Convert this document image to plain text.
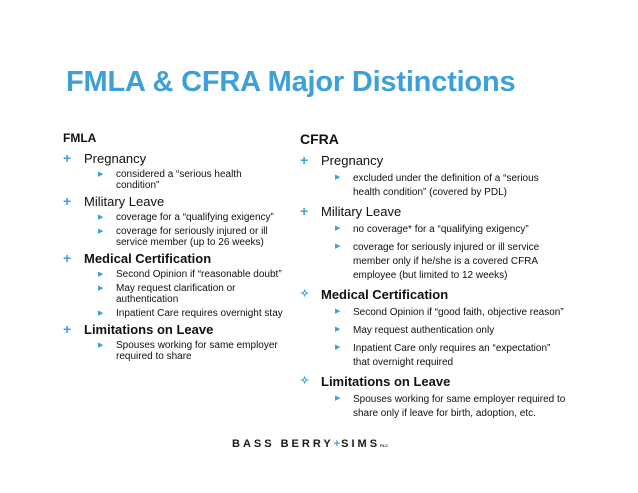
FMLA & CFRA Major Distinctions
FMLA
+ Pregnancy
▶ considered a “serious health condition”
+ Military Leave
▶ coverage for a “qualifying exigency”
▶ coverage for seriously injured or ill service member (up to 26 weeks)
+ Medical Certification
▶ Second Opinion if “reasonable doubt”
▶ May request clarification or authentication
▶ Inpatient Care requires overnight stay
+ Limitations on Leave
▶ Spouses working for same employer required to share
CFRA
+ Pregnancy
▶ excluded under the definition of a “serious health condition” (covered by PDL)
+ Military Leave
▶ no coverage* for a “qualifying exigency”
▶ coverage for seriously injured or ill service member only if he/she is a covered CFRA employee (but limited to 12 weeks)
✧ Medical Certification
▶ Second Opinion if “good faith, objective reason”
▶ May request authentication only
▶ Inpatient Care only requires an “expectation” that overnight required
✧ Limitations on Leave
▶ Spouses working for same employer required to share only if leave for birth, adoption, etc.
BASS BERRY+SIMSPLC
